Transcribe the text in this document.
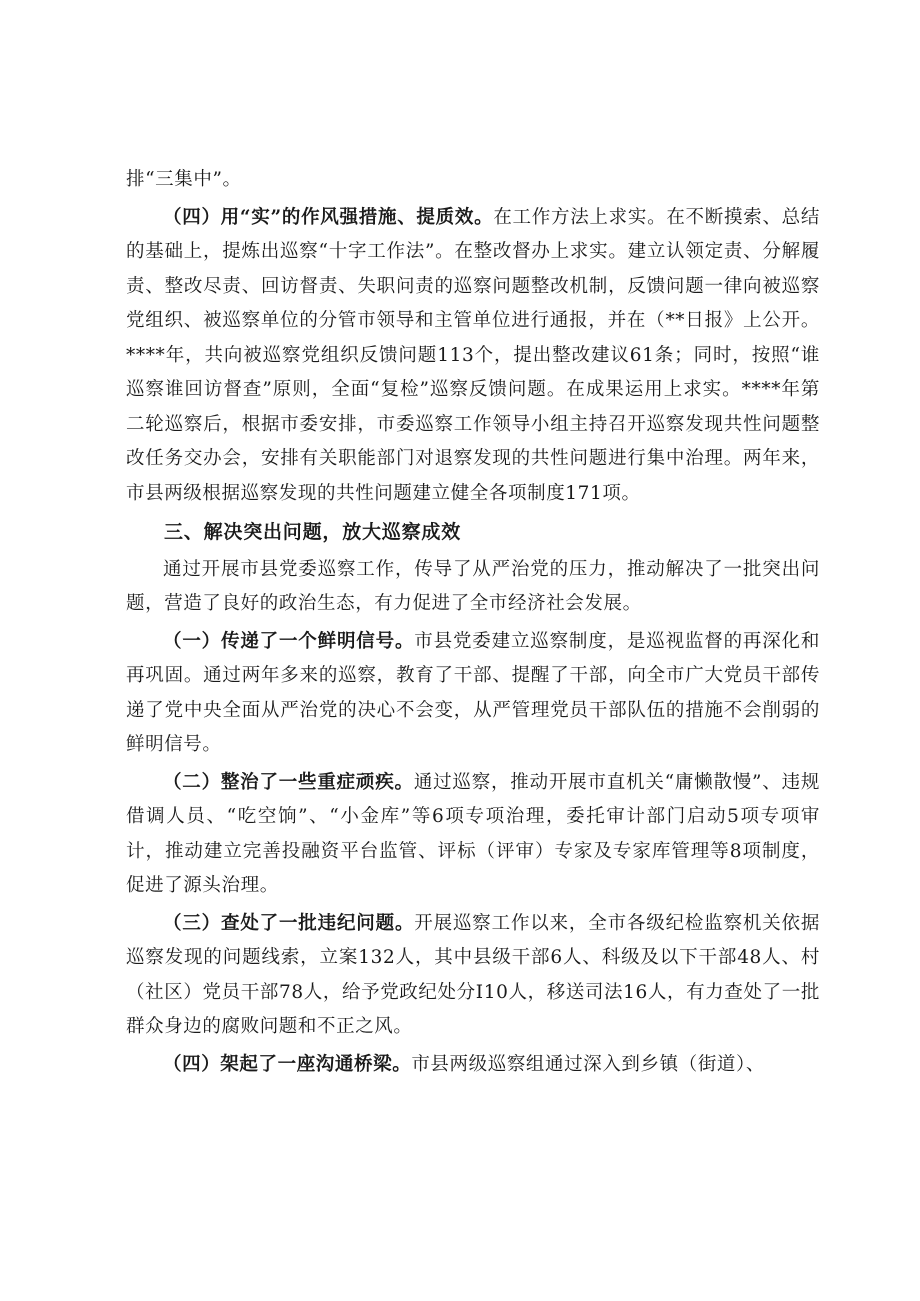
排“三集中”。

（四）用“实”的作风强措施、提质效。在工作方法上求实。在不断摸索、总结的基础上，提炼出巡察“十字工作法”。在整改督办上求实。建立认领定责、分解履责、整改尽责、回访督责、失职问责的巡察问题整改机制，反馈问题一律向被巡察党组织、被巡察单位的分管市领导和主管单位进行通报，并在（**日报》上公开。****年，共向被巡察党组织反馈问题113个，提出整改建议61条；同时，按照“谁巡察谁回访督查”原则，全面“复检”巡察反馈问题。在成果运用上求实。****年第二轮巡察后，根据市委安排，市委巡察工作领导小组主持召开巡察发现共性问题整改任务交办会，安排有关职能部门对退察发现的共性问题进行集中治理。两年来，市县两级根据巡察发现的共性问题建立健全各项制度171项。

三、解决突出问题，放大巡察成效

通过开展市县党委巡察工作，传导了从严治党的压力，推动解决了一批突出问题，营造了良好的政治生态，有力促进了全市经济社会发展。

（一）传递了一个鲜明信号。市县党委建立巡察制度，是巡视监督的再深化和再巩固。通过两年多来的巡察，教育了干部、提醒了干部，向全市广大党员干部传递了党中央全面从严治党的决心不会变，从严管理党员干部队伍的措施不会削弱的鲜明信号。

（二）整治了一些重症顽疾。通过巡察，推动开展市直机关“庸懒散慢”、违规借调人员、“吃空饷”、“小金库”等6项专项治理，委托审计部门启动5项专项审计，推动建立完善投融资平台监管、评标（评审）专家及专家库管理等8项制度，促进了源头治理。

（三）查处了一批违纪问题。开展巡察工作以来，全市各级纪检监察机关依据巡察发现的问题线索，立案132人，其中县级干部6人、科级及以下干部48人、村（社区）党员干部78人，给予党政纪处分I10人，移送司法16人，有力查处了一批群众身边的腐败问题和不正之风。

（四）架起了一座沟通桥梁。市县两级巡察组通过深入到乡镇（街道）、
